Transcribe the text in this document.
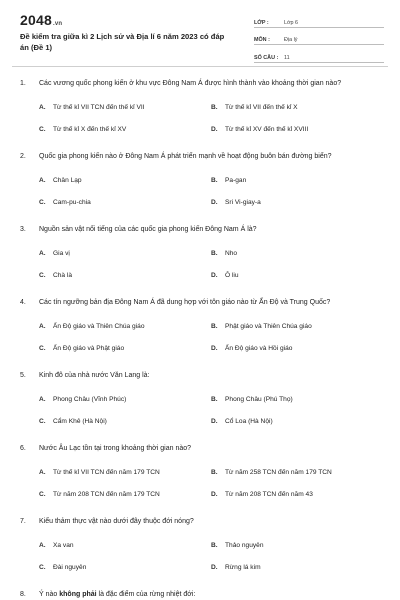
2048.vn
Đề kiểm tra giữa kì 2 Lịch sử và Địa lí 6 năm 2023 có đáp án (Đề 1)
LỚP :	Lớp 6
MÔN :	Địa lý
SỐ CÂU :	11
1. Các vương quốc phong kiến ở khu vực Đông Nam Á được hình thành vào khoảng thời gian nào?
A. Từ thế kỉ VII TCN đến thế kỉ VII	B. Từ thế kỉ VII đến thế kỉ X
C. Từ thế kỉ X đến thế kỉ XV	D. Từ thế kỉ XV đến thế kỉ XVIII
2. Quốc gia phong kiến nào ở Đông Nam Á phát triển mạnh về hoạt động buôn bán đường biển?
A. Chân Lạp	B. Pa-gan
C. Cam-pu-chia	D. Sri Vi-giay-a
3. Nguồn sản vật nổi tiếng của các quốc gia phong kiến Đông Nam Á là?
A. Gia vị	B. Nho
C. Chà là	D. Ô liu
4. Các tín ngưỡng bản địa Đông Nam Á đã dung hợp với tôn giáo nào từ Ấn Độ và Trung Quốc?
A. Ấn Độ giáo và Thiên Chúa giáo	B. Phật giáo và Thiên Chúa giáo
C. Ấn Độ giáo và Phật giáo	D. Ấn Độ giáo và Hồi giáo
5. Kinh đô của nhà nước Văn Lang là:
A. Phong Châu (Vĩnh Phúc)	B. Phong Châu (Phú Thọ)
C. Cẩm Khê (Hà Nội)	D. Cổ Loa (Hà Nội)
6. Nước Âu Lạc tồn tại trong khoảng thời gian nào?
A. Từ thế kỉ VII TCN đến năm 179 TCN	B. Từ năm 258 TCN đến năm 179 TCN
C. Từ năm 208 TCN đến năm 179 TCN	D. Từ năm 208 TCN đến năm 43
7. Kiểu thảm thực vật nào dưới đây thuộc đới nóng?
A. Xa van	B. Thảo nguyên
C. Đài nguyên	D. Rừng lá kim
8. Ý nào không phải là đặc điểm của rừng nhiệt đới:
